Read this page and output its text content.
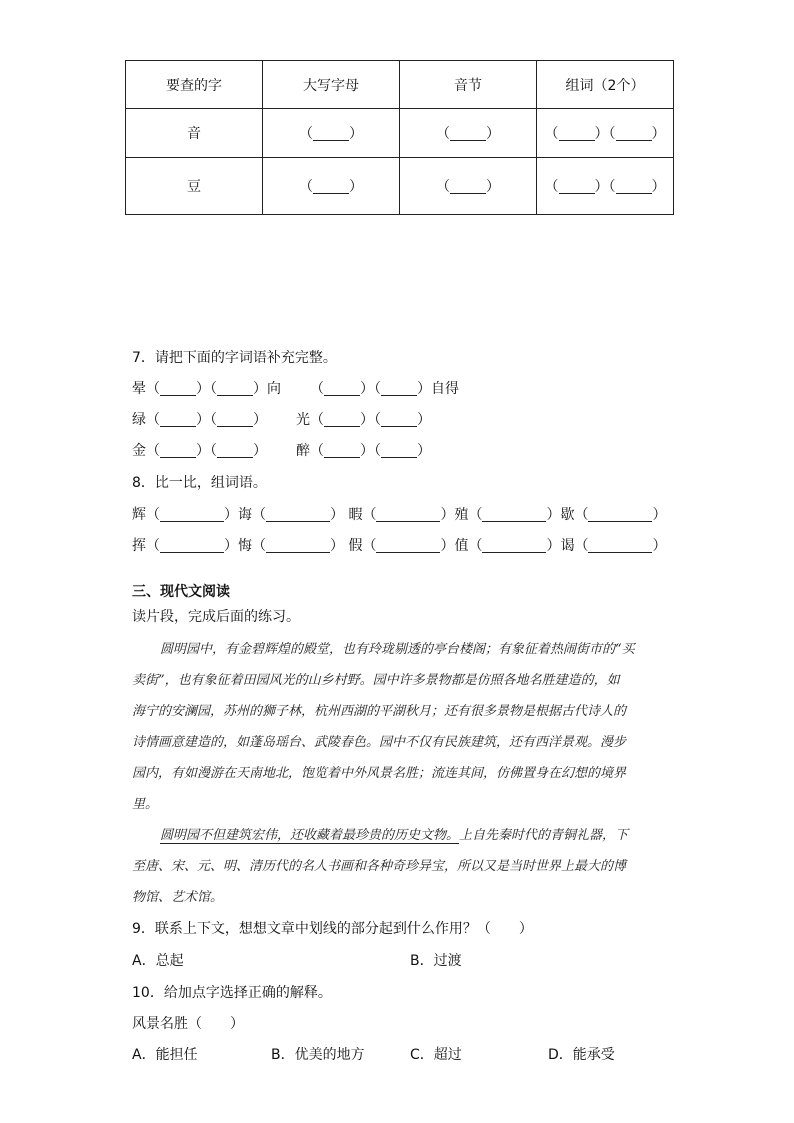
要查的字	大写字母	音节	组词（2个）
音	（ ）	（ ）	（ ）（ ）
豆	（ ）	（ ）	（ ）（ ）
7．请把下面的字词语补充完整。
晕（	）（	）向 （	）（	）自得
绿（	）（	） 光（	）（	）
金（	）（	） 醉（	）（	）
8．比一比，组词语。
辉（	）诲（	） 暇（	）殖（	）歇（	）
挥（	）悔（	） 假（	）值（	）谒（	）
三、现代文阅读
读片段，完成后面的练习。
圆明园中，有金碧辉煌的殿堂，也有玲珑剔透的亭台楼阁；有象征着热闹街市的“买
卖街”，也有象征着田园风光的山乡村野。园中许多景物都是仿照各地名胜建造的，如
海宁的安澜园，苏州的狮子林，杭州西湖的平湖秋月；还有很多景物是根据古代诗人的
诗情画意建造的，如蓬岛瑶台、武陵春色。园中不仅有民族建筑，还有西洋景观。漫步
园内，有如漫游在天南地北，饱览着中外风景名胜；流连其间，仿佛置身在幻想的境界
里。
圆明园不但建筑宏伟，还收藏着最珍贵的历史文物。上自先秦时代的青铜礼器，下
至唐、宋、元、明、清历代的名人书画和各种奇珍异宝，所以又是当时世界上最大的博
物馆、艺术馆。
9．联系上下文，想想文章中划线的部分起到什么作用？（　　）
A．总起	B．过渡
10．给加点字选择正确的解释。
风景名胜（　　）
A．能担任	B．优美的地方	C．超过	D．能承受
